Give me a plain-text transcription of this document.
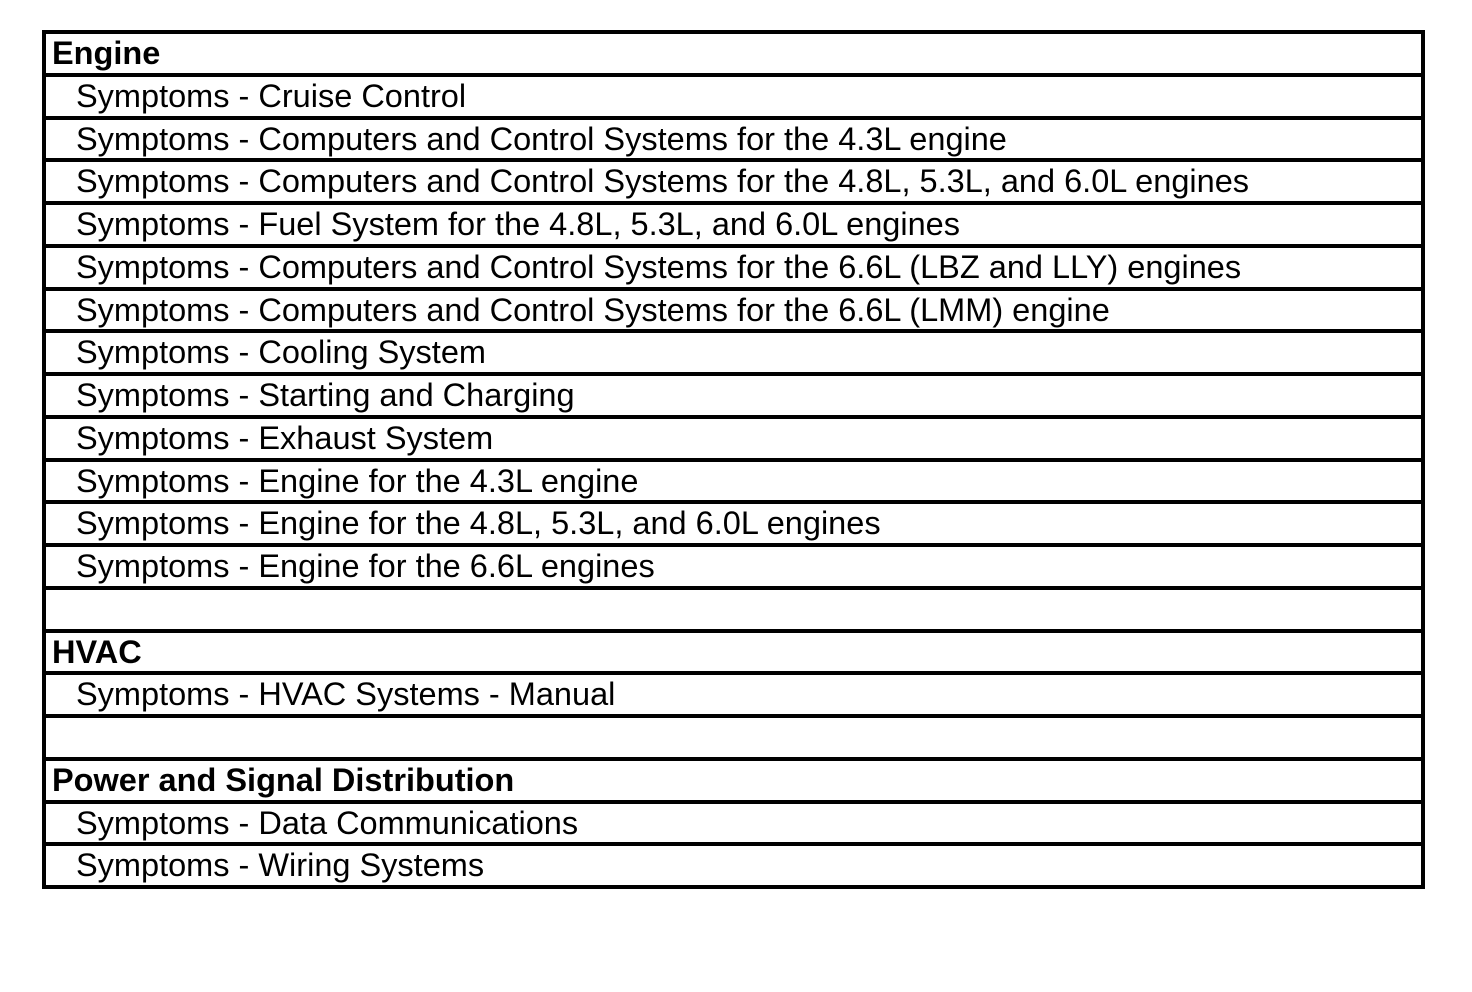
Engine
Symptoms - Cruise Control
Symptoms - Computers and Control Systems for the 4.3L engine
Symptoms - Computers and Control Systems for the 4.8L, 5.3L, and 6.0L engines
Symptoms - Fuel System for the 4.8L, 5.3L, and 6.0L engines
Symptoms - Computers and Control Systems for the 6.6L (LBZ and LLY) engines
Symptoms - Computers and Control Systems for the 6.6L (LMM) engine
Symptoms - Cooling System
Symptoms - Starting and Charging
Symptoms - Exhaust System
Symptoms - Engine for the 4.3L engine
Symptoms - Engine for the 4.8L, 5.3L, and 6.0L engines
Symptoms - Engine for the 6.6L engines

HVAC
Symptoms - HVAC Systems - Manual

Power and Signal Distribution
Symptoms - Data Communications
Symptoms - Wiring Systems
